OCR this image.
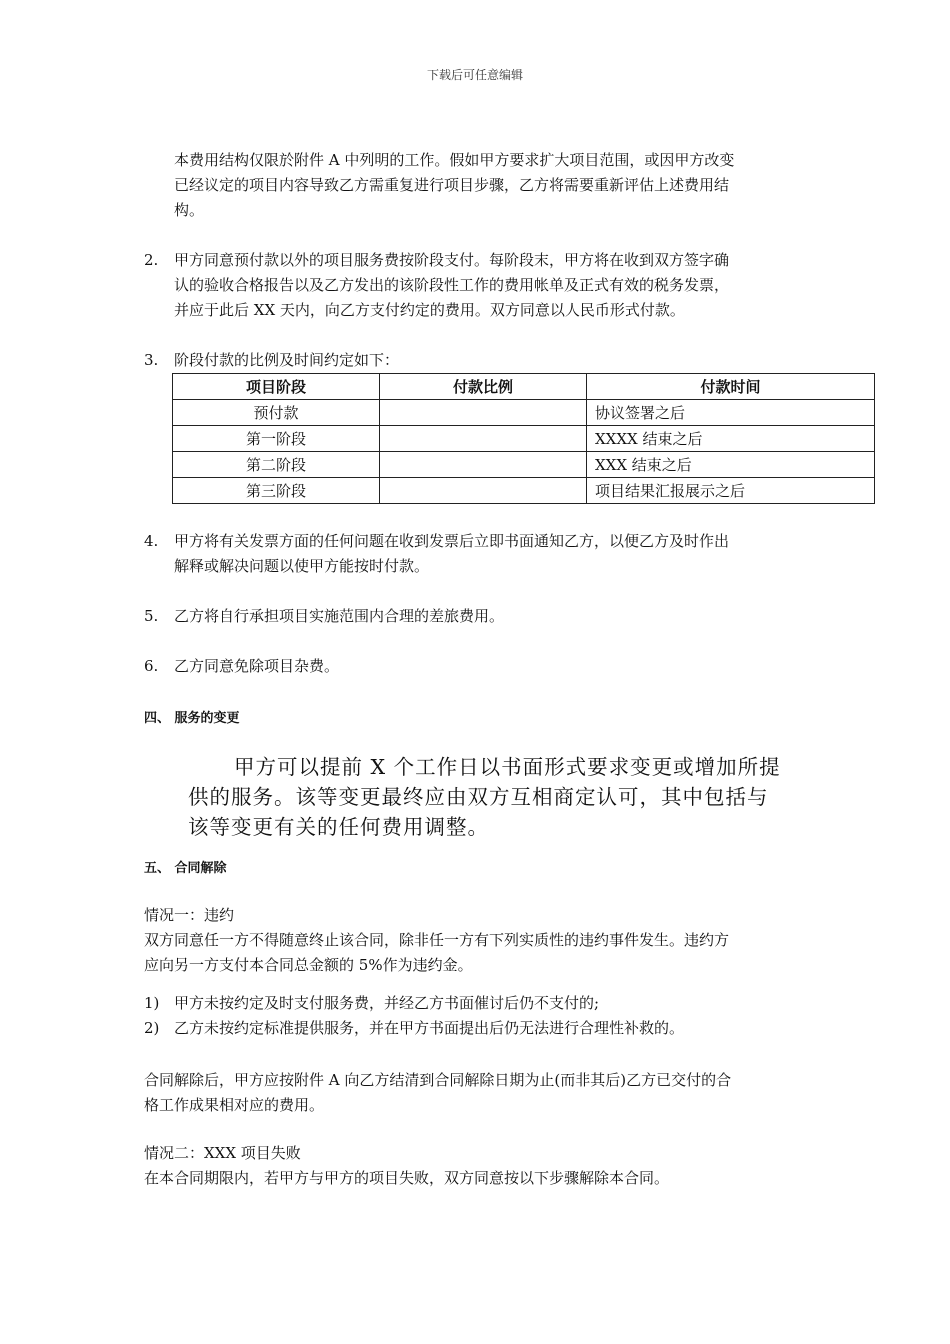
下载后可任意编辑
本费用结构仅限於附件 A 中列明的工作。假如甲方要求扩大项目范围，或因甲方改变
已经议定的项目内容导致乙方需重复进行项目步骤，乙方将需要重新评估上述费用结
构。
2. 甲方同意预付款以外的项目服务费按阶段支付。每阶段末，甲方将在收到双方签字确
认的验收合格报告以及乙方发出的该阶段性工作的费用帐单及正式有效的税务发票，
并应于此后 XX 天内，向乙方支付约定的费用。双方同意以人民币形式付款。
3. 阶段付款的比例及时间约定如下：
项目阶段	付款比例	付款时间
预付款		协议签署之后
第一阶段		XXXX 结束之后
第二阶段		XXX 结束之后
第三阶段		项目结果汇报展示之后
4. 甲方将有关发票方面的任何问题在收到发票后立即书面通知乙方，以便乙方及时作出
解释或解决问题以使甲方能按时付款。
5. 乙方将自行承担项目实施范围内合理的差旅费用。
6. 乙方同意免除项目杂费。
四、 服务的变更
甲方可以提前 X 个工作日以书面形式要求变更或增加所提
供的服务。该等变更最终应由双方互相商定认可，其中包括与
该等变更有关的任何费用调整。
五、 合同解除
情况一：违约
双方同意任一方不得随意终止该合同，除非任一方有下列实质性的违约事件发生。违约方
应向另一方支付本合同总金额的 5%作为违约金。
1) 甲方未按约定及时支付服务费，并经乙方书面催讨后仍不支付的;
2) 乙方未按约定标准提供服务，并在甲方书面提出后仍无法进行合理性补救的。
合同解除后，甲方应按附件 A 向乙方结清到合同解除日期为止(而非其后)乙方已交付的合
格工作成果相对应的费用。
情况二：XXX 项目失败
在本合同期限内，若甲方与甲方的项目失败，双方同意按以下步骤解除本合同。
